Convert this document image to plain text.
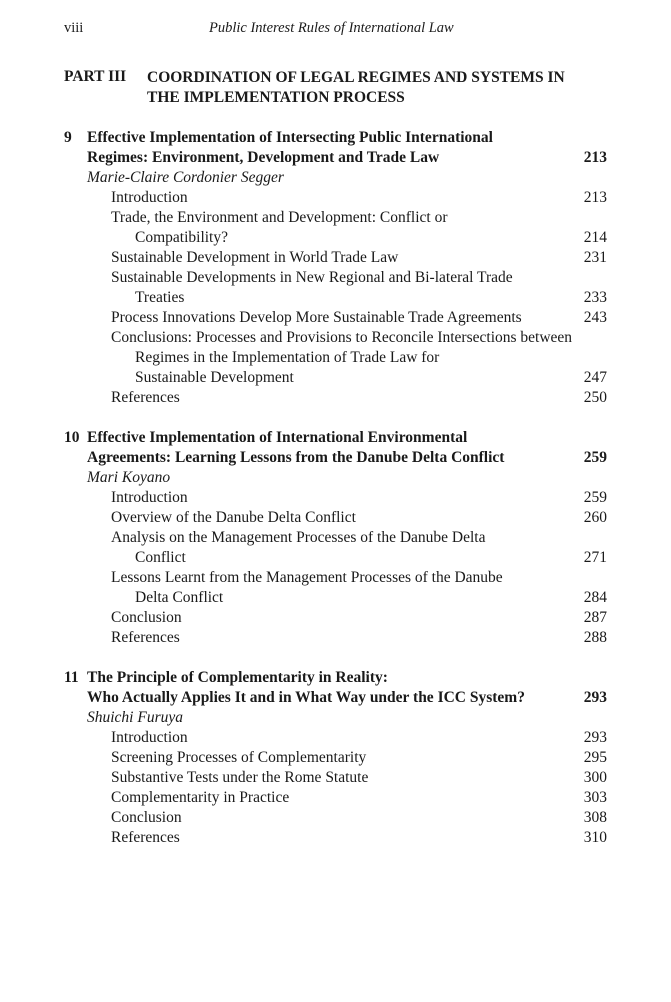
viii	Public Interest Rules of International Law
PART III COORDINATION OF LEGAL REGIMES AND SYSTEMS IN
THE IMPLEMENTATION PROCESS
9 Effective Implementation of Intersecting Public International
Regimes: Environment, Development and Trade Law	213
Marie-Claire Cordonier Segger
Introduction	213
Trade, the Environment and Development: Conflict or
Compatibility?	214
Sustainable Development in World Trade Law	231
Sustainable Developments in New Regional and Bi-lateral Trade
Treaties	233
Process Innovations Develop More Sustainable Trade Agreements	243
Conclusions: Processes and Provisions to Reconcile Intersections between
Regimes in the Implementation of Trade Law for
Sustainable Development	247
References	250
10 Effective Implementation of International Environmental
Agreements: Learning Lessons from the Danube Delta Conflict	259
Mari Koyano
Introduction	259
Overview of the Danube Delta Conflict	260
Analysis on the Management Processes of the Danube Delta
Conflict	271
Lessons Learnt from the Management Processes of the Danube
Delta Conflict	284
Conclusion	287
References	288
11 The Principle of Complementarity in Reality:
Who Actually Applies It and in What Way under the ICC System?	293
Shuichi Furuya
Introduction	293
Screening Processes of Complementarity	295
Substantive Tests under the Rome Statute	300
Complementarity in Practice	303
Conclusion	308
References	310
